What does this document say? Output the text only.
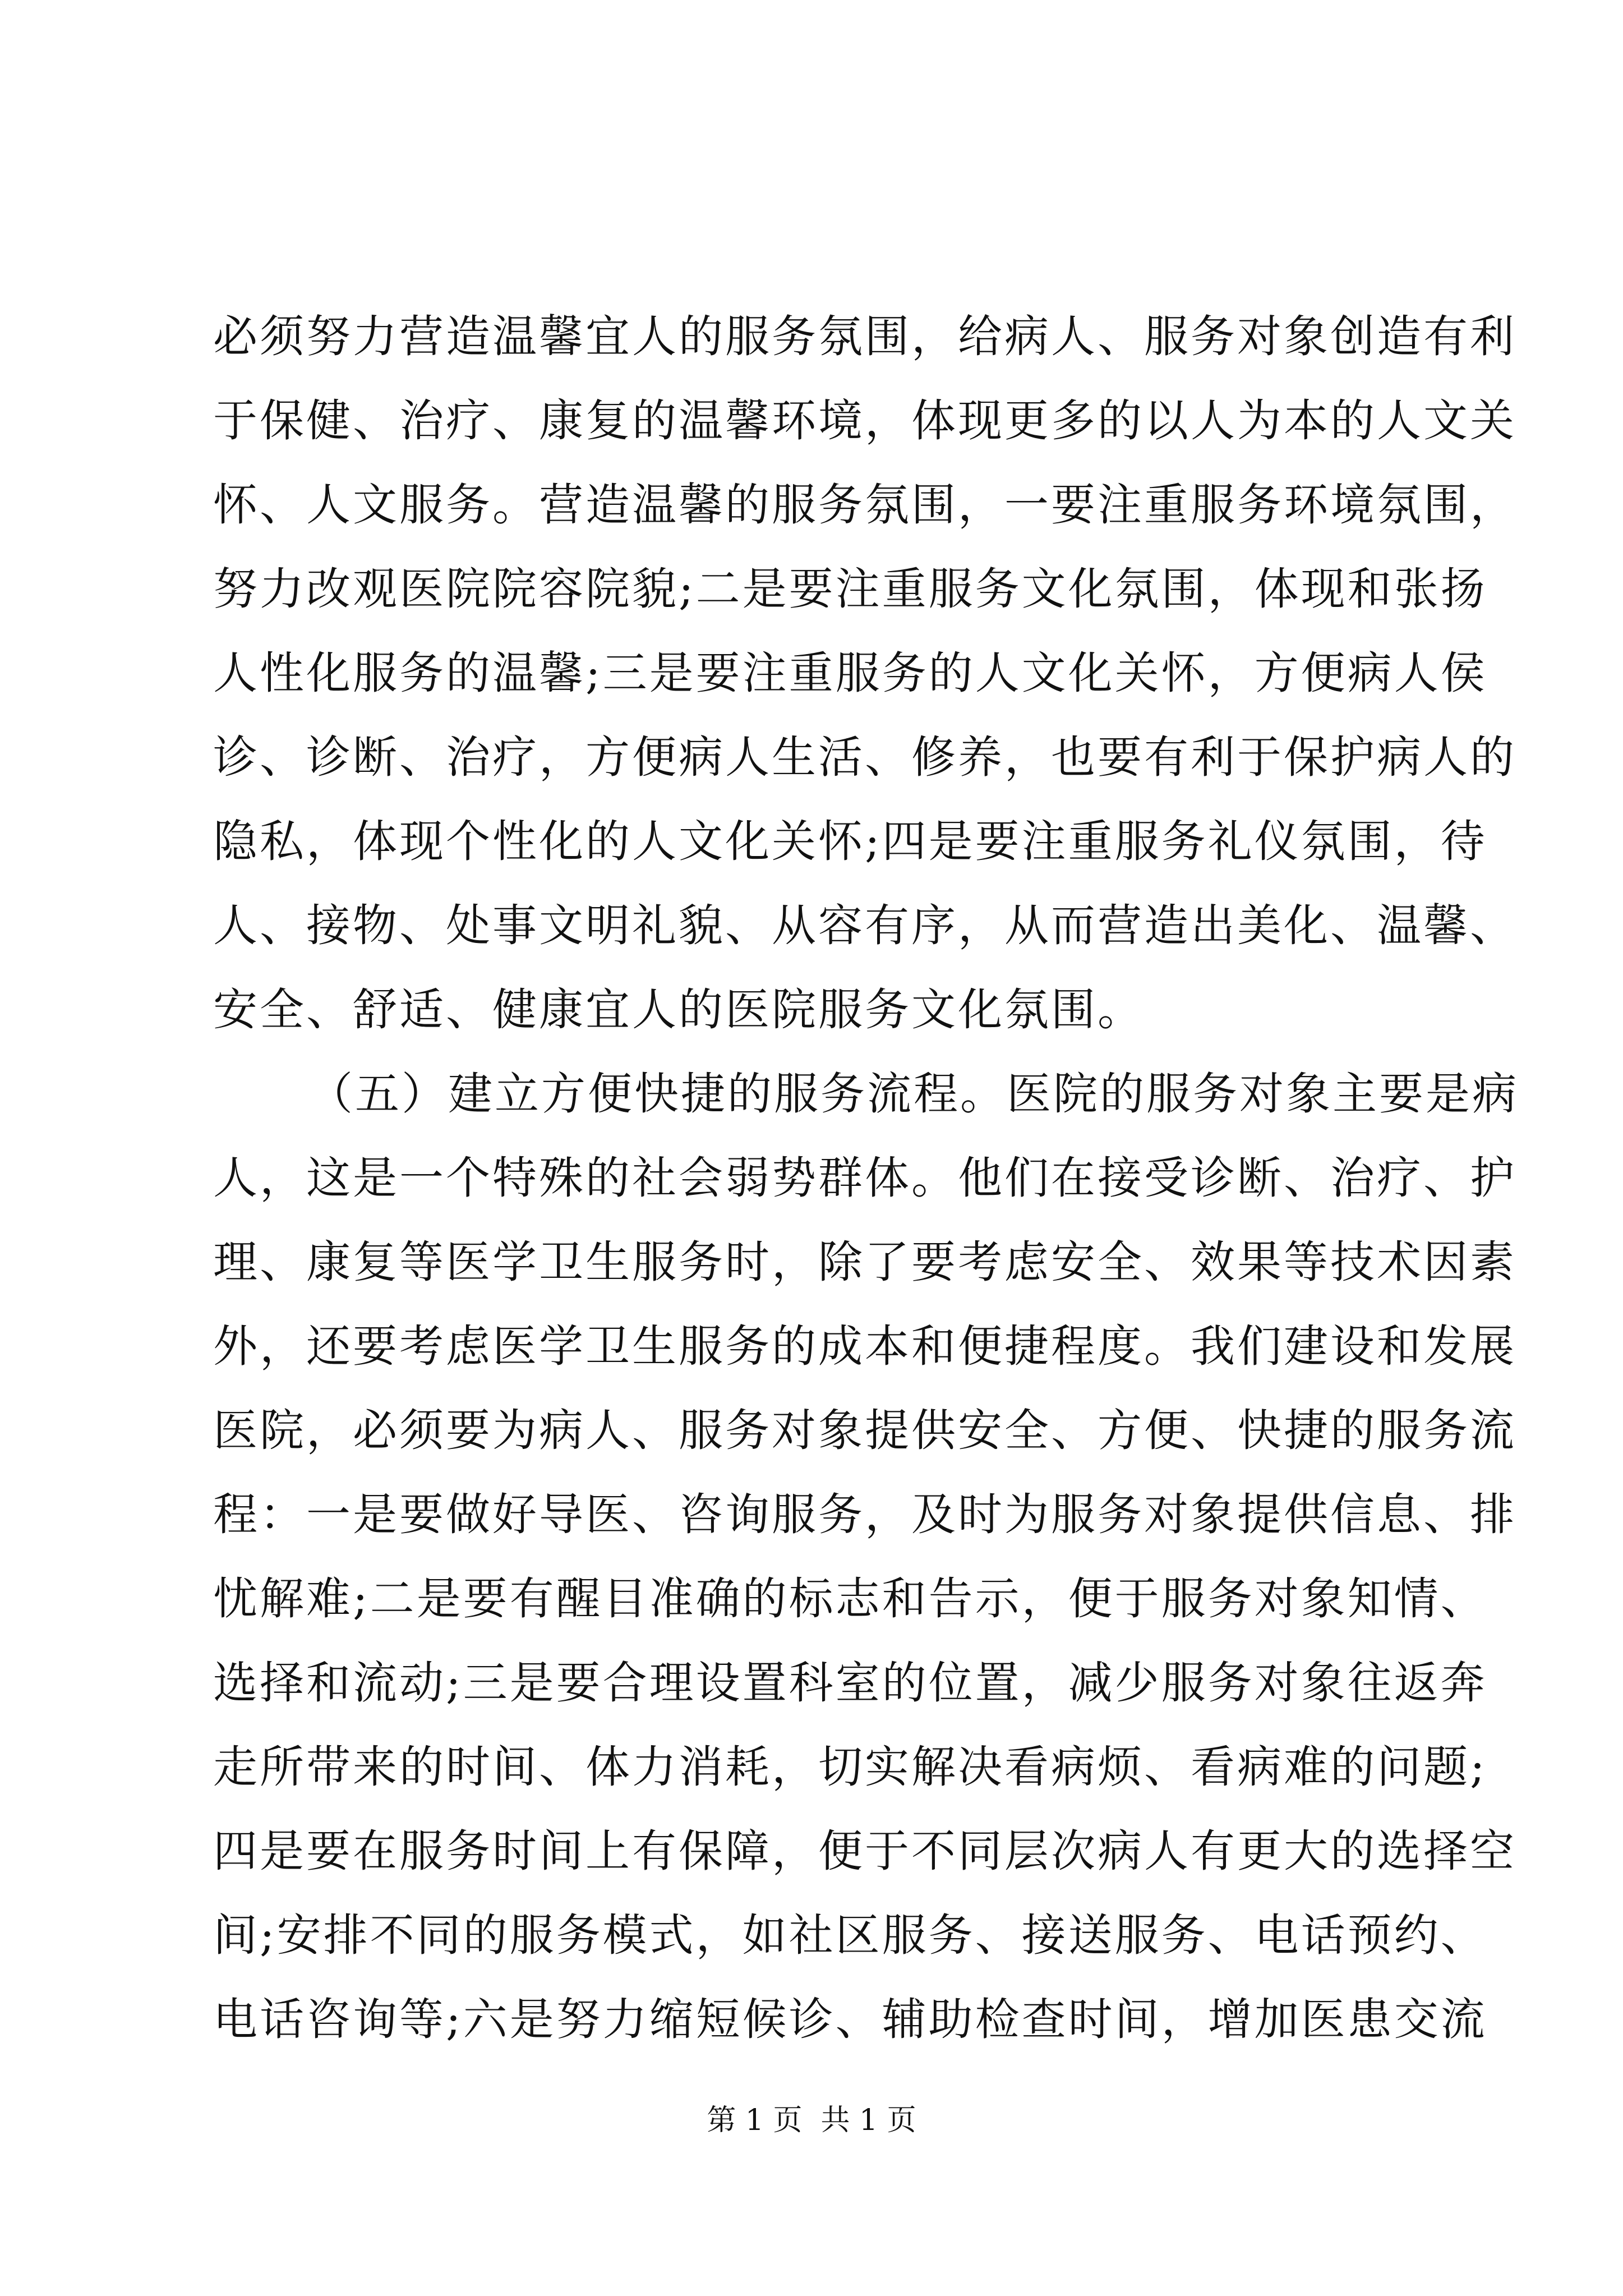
必须努力营造温馨宜人的服务氛围，给病人、服务对象创造有利
于保健、治疗、康复的温馨环境，体现更多的以人为本的人文关
怀、人文服务。营造温馨的服务氛围，一要注重服务环境氛围，
努力改观医院院容院貌;二是要注重服务文化氛围，体现和张扬
人性化服务的温馨;三是要注重服务的人文化关怀，方便病人侯
诊、诊断、治疗，方便病人生活、修养，也要有利于保护病人的
隐私，体现个性化的人文化关怀;四是要注重服务礼仪氛围，待
人、接物、处事文明礼貌、从容有序，从而营造出美化、温馨、
安全、舒适、健康宜人的医院服务文化氛围。
（五）建立方便快捷的服务流程。医院的服务对象主要是病
人，这是一个特殊的社会弱势群体。他们在接受诊断、治疗、护
理、康复等医学卫生服务时，除了要考虑安全、效果等技术因素
外，还要考虑医学卫生服务的成本和便捷程度。我们建设和发展
医院，必须要为病人、服务对象提供安全、方便、快捷的服务流
程：一是要做好导医、咨询服务，及时为服务对象提供信息、排
忧解难;二是要有醒目准确的标志和告示，便于服务对象知情、
选择和流动;三是要合理设置科室的位置，减少服务对象往返奔
走所带来的时间、体力消耗，切实解决看病烦、看病难的问题;
四是要在服务时间上有保障，便于不同层次病人有更大的选择空
间;安排不同的服务模式，如社区服务、接送服务、电话预约、
电话咨询等;六是努力缩短候诊、辅助检查时间，增加医患交流
第 1 页  共 1 页
